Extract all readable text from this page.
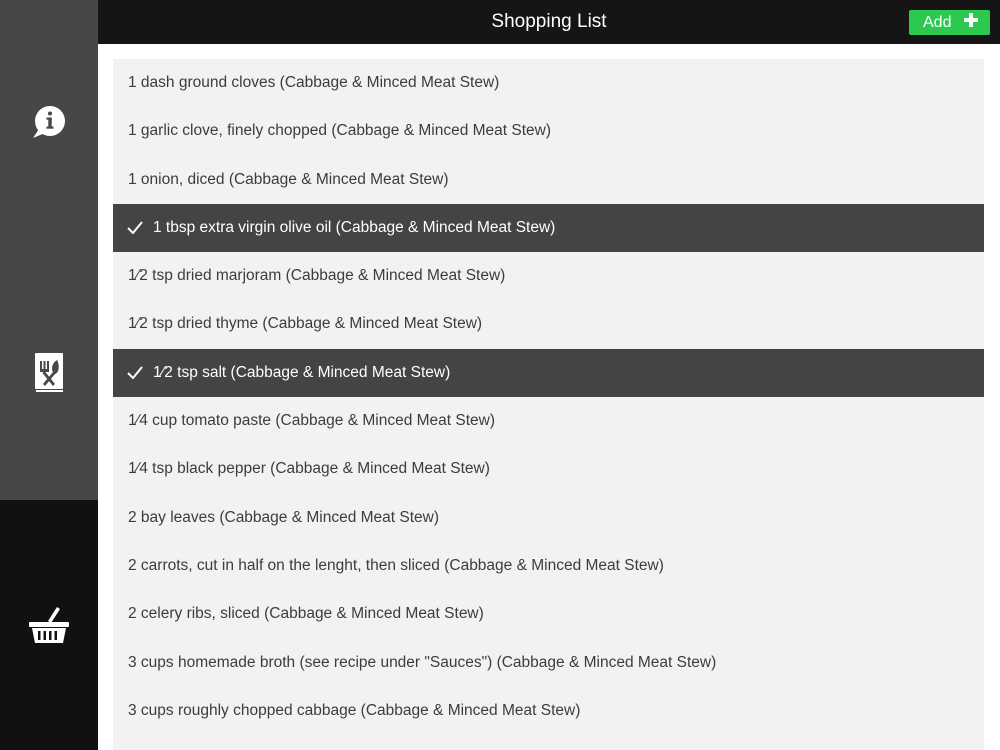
Shopping List	Add
1 dash ground cloves (Cabbage & Minced Meat Stew)
1 garlic clove, finely chopped (Cabbage & Minced Meat Stew)
1 onion, diced (Cabbage & Minced Meat Stew)
1 tbsp extra virgin olive oil (Cabbage & Minced Meat Stew)
1⁄2 tsp dried marjoram (Cabbage & Minced Meat Stew)
1⁄2 tsp dried thyme (Cabbage & Minced Meat Stew)
1⁄2 tsp salt (Cabbage & Minced Meat Stew)
1⁄4 cup tomato paste (Cabbage & Minced Meat Stew)
1⁄4 tsp black pepper (Cabbage & Minced Meat Stew)
2 bay leaves (Cabbage & Minced Meat Stew)
2 carrots, cut in half on the lenght, then sliced (Cabbage & Minced Meat Stew)
2 celery ribs, sliced (Cabbage & Minced Meat Stew)
3 cups homemade broth (see recipe under "Sauces") (Cabbage & Minced Meat Stew)
3 cups roughly chopped cabbage (Cabbage & Minced Meat Stew)
